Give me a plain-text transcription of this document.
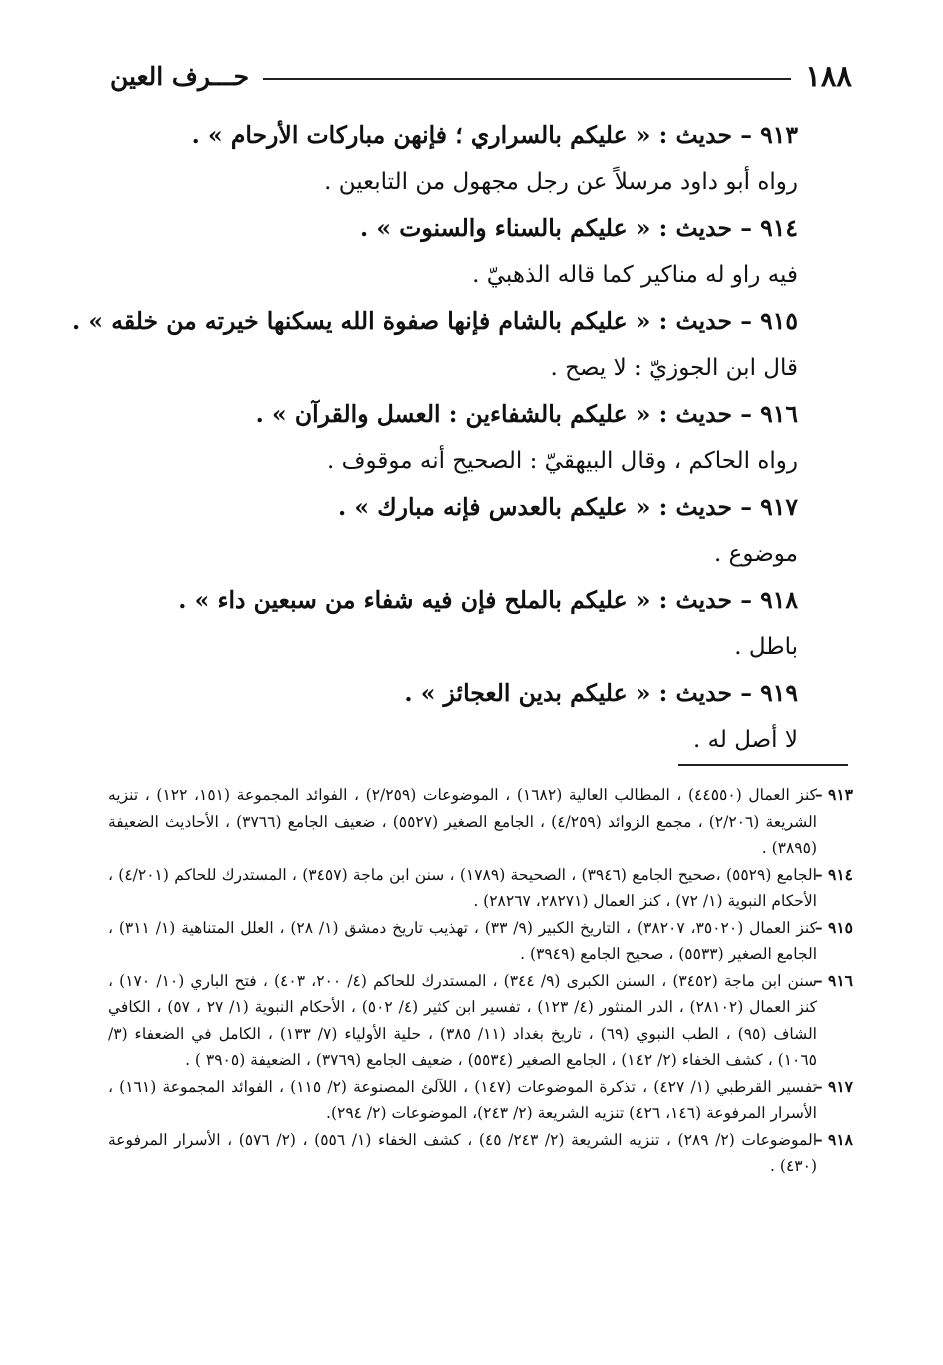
١٨٨
حـــرف العين
٩١٣ – حديث : « عليكم بالسراري ؛ فإنهن مباركات الأرحام » .
رواه أبو داود مرسلاً عن رجل مجهول من التابعين .
٩١٤ – حديث : « عليكم بالسناء والسنوت » .
فيه راو له مناكير كما قاله الذهبيّ .
٩١٥ – حديث : « عليكم بالشام فإنها صفوة الله يسكنها خيرته من خلقه » .
قال ابن الجوزيّ : لا يصح .
٩١٦ – حديث : « عليكم بالشفاءين : العسل والقرآن » .
رواه الحاكم ، وقال البيهقيّ : الصحيح أنه موقوف .
٩١٧ – حديث : « عليكم بالعدس فإنه مبارك » .
موضوع .
٩١٨ – حديث : « عليكم بالملح فإن فيه شفاء من سبعين داء » .
باطل .
٩١٩ – حديث : « عليكم بدين العجائز » .
لا أصل له .
٩١٣ –
كنز العمال (٤٤٥٥٠) ، المطالب العالية (١٦٨٢) ، الموضوعات (٢/٢٥٩) ، الفوائد المجموعة (١٥١، ١٢٢) ، تنزيه الشريعة (٢/٢٠٦) ، مجمع الزوائد (٤/٢٥٩) ، الجامع الصغير (٥٥٢٧) ، ضعيف الجامع (٣٧٦٦) ، الأحاديث الضعيفة (٣٨٩٥) .
٩١٤ –
الجامع (٥٥٢٩) ،صحيح الجامع (٣٩٤٦) ، الصحيحة (١٧٨٩) ، سنن ابن ماجة (٣٤٥٧) ، المستدرك للحاكم (٤/٢٠١) ، الأحكام النبوية (١/ ٧٢) ، كنز العمال (٢٨٢٧١، ٢٨٢٦٧) .
٩١٥ –
كنز العمال (٣٥٠٢٠، ٣٨٢٠٧) ، التاريخ الكبير (٩/ ٣٣) ، تهذيب تاريخ دمشق (١/ ٢٨) ، العلل المتناهية (١/ ٣١١) ، الجامع الصغير (٥٥٣٣) ، صحيح الجامع (٣٩٤٩) .
٩١٦ –
سنن ابن ماجة (٣٤٥٢) ، السنن الكبرى (٩/ ٣٤٤) ، المستدرك للحاكم (٤/ ٢٠٠، ٤٠٣) ، فتح الباري (١٠/ ١٧٠) ، كنز العمال (٢٨١٠٢) ، الدر المنثور (٤/ ١٢٣) ، تفسير ابن كثير (٤/ ٥٠٢) ، الأحكام النبوية (١/ ٢٧ ، ٥٧) ، الكافي الشاف (٩٥) ، الطب النبوي (٦٩) ، تاريخ بغداد (١١/ ٣٨٥) ، حلية الأولياء (٧/ ١٣٣) ، الكامل في الضعفاء (٣/ ١٠٦٥) ، كشف الخفاء (٢/ ١٤٢) ، الجامع الصغير (٥٥٣٤) ، ضعيف الجامع (٣٧٦٩) ، الضعيفة (٣٩٠٥ ) .
٩١٧ –
تفسير القرطبي (١/ ٤٢٧) ، تذكرة الموضوعات (١٤٧) ، اللآلئ المصنوعة (٢/ ١١٥) ، الفوائد المجموعة (١٦١) ، الأسرار المرفوعة (١٤٦، ٤٢٦) تنزيه الشريعة (٢/ ٢٤٣)، الموضوعات (٢/ ٢٩٤).
٩١٨ –
الموضوعات (٢/ ٢٨٩) ، تنزيه الشريعة (٢/ ٢٤٣/ ٤٥) ، كشف الخفاء (١/ ٥٥٦) ، (٢/ ٥٧٦) ، الأسرار المرفوعة (٤٣٠) .
